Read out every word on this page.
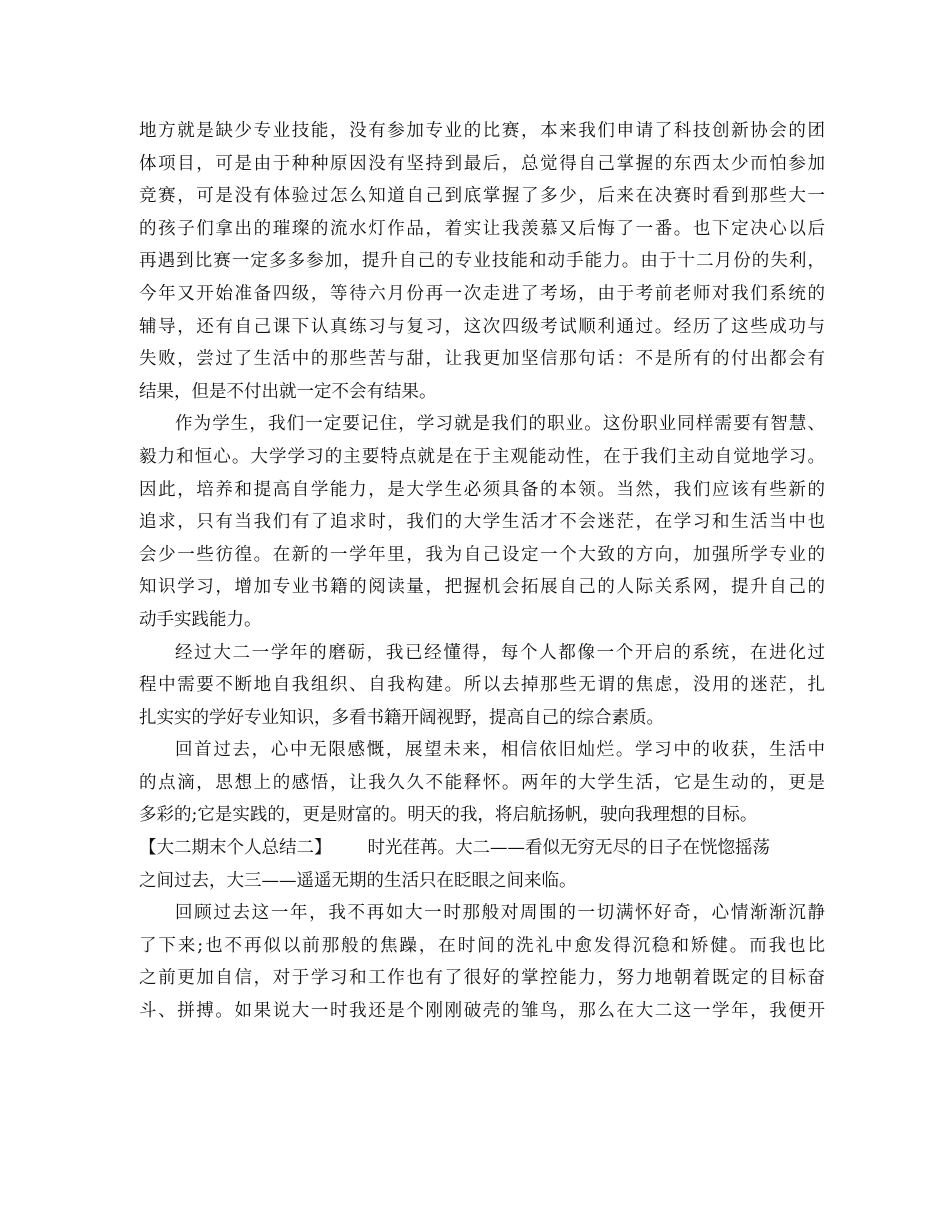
地方就是缺少专业技能，没有参加专业的比赛，本来我们申请了科技创新协会的团
体项目，可是由于种种原因没有坚持到最后，总觉得自己掌握的东西太少而怕参加
竞赛，可是没有体验过怎么知道自己到底掌握了多少，后来在决赛时看到那些大一
的孩子们拿出的璀璨的流水灯作品，着实让我羡慕又后悔了一番。也下定决心以后
再遇到比赛一定多多参加，提升自己的专业技能和动手能力。由于十二月份的失利，
今年又开始准备四级，等待六月份再一次走进了考场，由于考前老师对我们系统的
辅导，还有自己课下认真练习与复习，这次四级考试顺利通过。经历了这些成功与
失败，尝过了生活中的那些苦与甜，让我更加坚信那句话：不是所有的付出都会有
结果，但是不付出就一定不会有结果。
作为学生，我们一定要记住，学习就是我们的职业。这份职业同样需要有智慧、
毅力和恒心。大学学习的主要特点就是在于主观能动性，在于我们主动自觉地学习。
因此，培养和提高自学能力，是大学生必须具备的本领。当然，我们应该有些新的
追求，只有当我们有了追求时，我们的大学生活才不会迷茫，在学习和生活当中也
会少一些彷徨。在新的一学年里，我为自己设定一个大致的方向，加强所学专业的
知识学习，增加专业书籍的阅读量，把握机会拓展自己的人际关系网，提升自己的
动手实践能力。
经过大二一学年的磨砺，我已经懂得，每个人都像一个开启的系统，在进化过
程中需要不断地自我组织、自我构建。所以去掉那些无谓的焦虑，没用的迷茫，扎
扎实实的学好专业知识，多看书籍开阔视野，提高自己的综合素质。
回首过去，心中无限感慨，展望未来，相信依旧灿烂。学习中的收获，生活中
的点滴，思想上的感悟，让我久久不能释怀。两年的大学生活，它是生动的，更是
多彩的;它是实践的，更是财富的。明天的我，将启航扬帆，驶向我理想的目标。
【大二期末个人总结二】 时光荏苒。大二——看似无穷无尽的日子在恍惚摇荡
之间过去，大三——遥遥无期的生活只在眨眼之间来临。
回顾过去这一年，我不再如大一时那般对周围的一切满怀好奇，心情渐渐沉静
了下来;也不再似以前那般的焦躁，在时间的洗礼中愈发得沉稳和矫健。而我也比
之前更加自信，对于学习和工作也有了很好的掌控能力，努力地朝着既定的目标奋
斗、拼搏。如果说大一时我还是个刚刚破壳的雏鸟，那么在大二这一学年，我便开
